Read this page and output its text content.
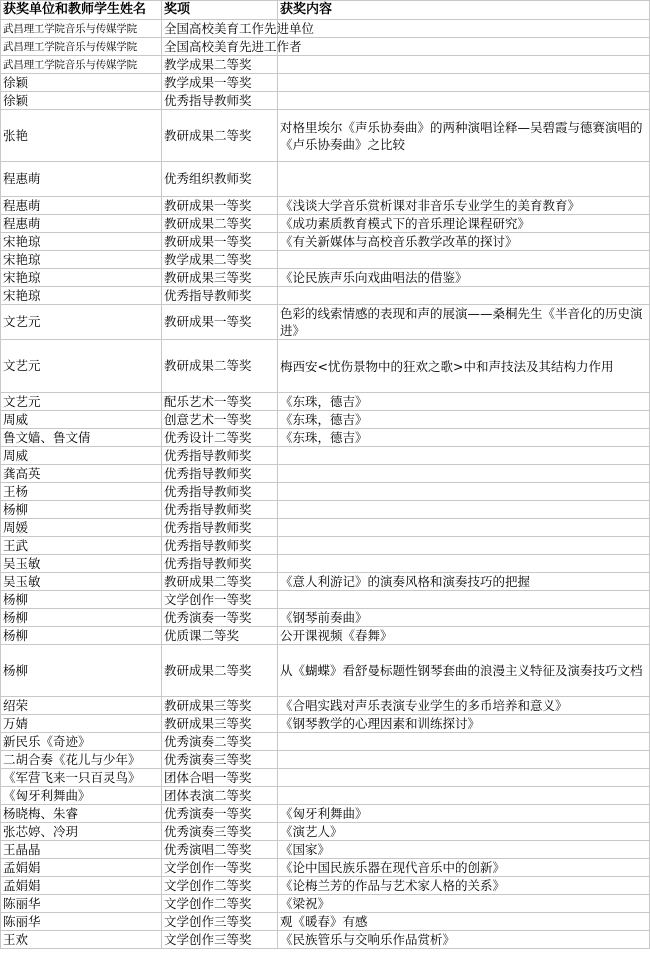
获奖单位和教师学生姓名	奖项	获奖内容
武昌理工学院音乐与传媒学院	全国高校美育工作先进单位	
武昌理工学院音乐与传媒学院	全国高校美育先进工作者	
武昌理工学院音乐与传媒学院	教学成果二等奖	
徐颖	教学成果一等奖	
徐颖	优秀指导教师奖	
张艳	教研成果二等奖	对格里埃尔《声乐协奏曲》的两种演唱诠释—吴碧霞与德赛演唱的《卢乐协奏曲》之比较
程惠萌	优秀组织教师奖	
程惠萌	教研成果一等奖	《浅谈大学音乐赏析课对非音乐专业学生的美育教育》
程惠萌	教研成果二等奖	《成功素质教育模式下的音乐理论课程研究》
宋艳琼	教研成果一等奖	《有关新媒体与高校音乐教学改革的探讨》
宋艳琼	教学成果二等奖	
宋艳琼	教研成果三等奖	《论民族声乐向戏曲唱法的借鉴》
宋艳琼	优秀指导教师奖	
文艺元	教研成果一等奖	色彩的线索情感的表现和声的展演——桑桐先生《半音化的历史演进》
文艺元	教研成果二等奖	梅西安<忧伤景物中的狂欢之歌>中和声技法及其结构力作用
文艺元	配乐艺术一等奖	《东珠，德吉》
周威	创意艺术一等奖	《东珠，德吉》
鲁文嫱、鲁文倩	优秀设计二等奖	《东珠，德吉》
周威	优秀指导教师奖	
龚高英	优秀指导教师奖	
王杨	优秀指导教师奖	
杨柳	优秀指导教师奖	
周媛	优秀指导教师奖	
王武	优秀指导教师奖	
吴玉敏	优秀指导教师奖	
吴玉敏	教研成果二等奖	《意人利游记》的演奏风格和演奏技巧的把握
杨柳	文学创作一等奖	
杨柳	优秀演奏一等奖	《钢琴前奏曲》
杨柳	优质课二等奖	公开课视频《春舞》
杨柳	教研成果二等奖	从《蝴蝶》看舒曼标题性钢琴套曲的浪漫主义特征及演奏技巧文档
绍荣	教研成果三等奖	《合唱实践对声乐表演专业学生的多币培养和意义》
万婧	教研成果三等奖	《钢琴教学的心理因素和训练探讨》
新民乐《奇迹》	优秀演奏二等奖	
二胡合奏《花儿与少年》	优秀演奏三等奖	
《军营飞来一只百灵鸟》	团体合唱一等奖	
《匈牙利舞曲》	团体表演二等奖	
杨晓梅、朱睿	优秀演奏一等奖	《匈牙利舞曲》
张芯婷、冷玥	优秀演奏三等奖	《演艺人》
王晶晶	优秀演唱二等奖	《国家》
孟娟娟	文学创作一等奖	《论中国民族乐器在现代音乐中的创新》
孟娟娟	文学创作二等奖	《论梅兰芳的作品与艺术家人格的关系》
陈丽华	文学创作二等奖	《梁祝》
陈丽华	文学创作三等奖	观《暖春》有感
王欢	文学创作三等奖	《民族管乐与交响乐作品赏析》
